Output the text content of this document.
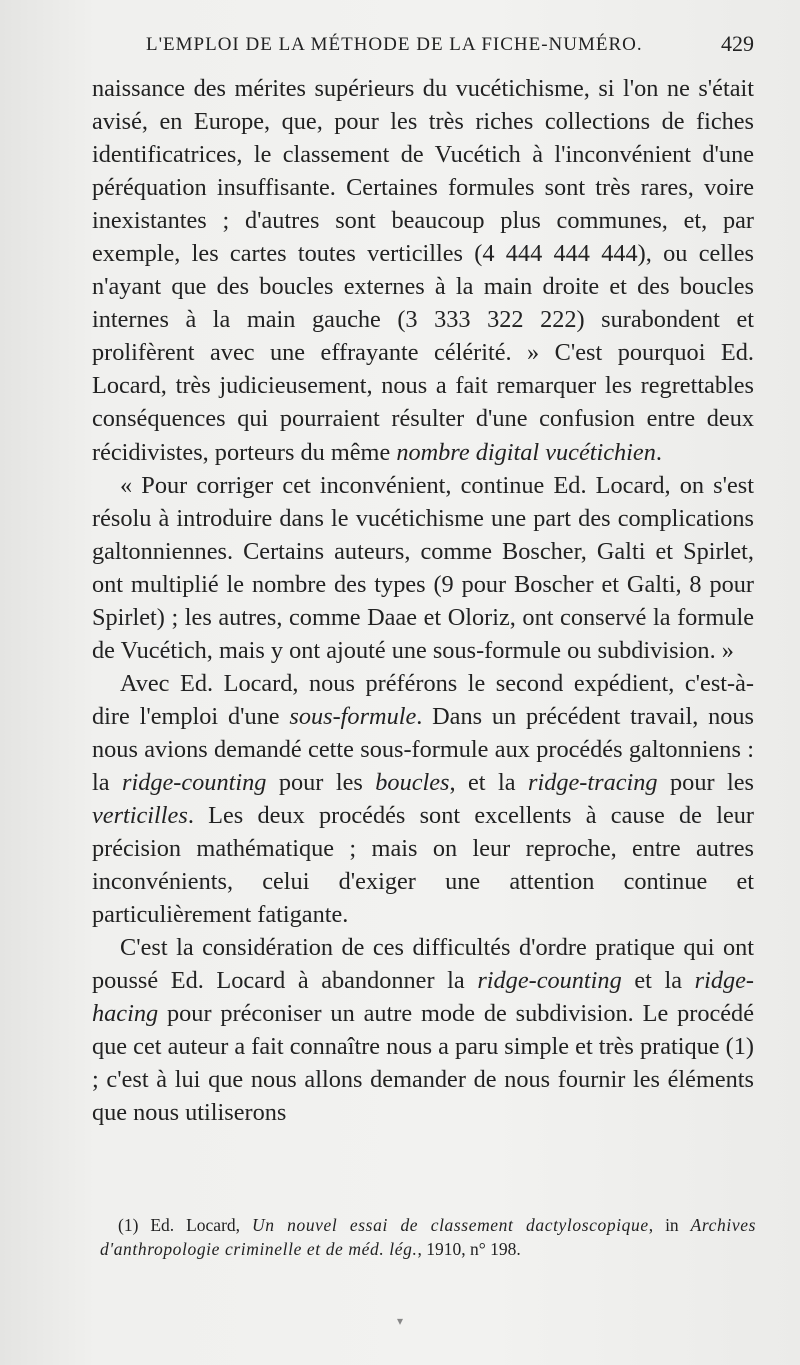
L'EMPLOI DE LA MÉTHODE DE LA FICHE-NUMÉRO.	429

naissance des mérites supérieurs du vucétichisme, si l'on ne s'était avisé, en Europe, que, pour les très riches collections de fiches identificatrices, le classement de Vucétich à l'inconvénient d'une péréquation insuffisante. Certaines formules sont très rares, voire inexistantes ; d'autres sont beaucoup plus communes, et, par exemple, les cartes toutes verticilles (4 444 444 444), ou celles n'ayant que des boucles externes à la main droite et des boucles internes à la main gauche (3 333 322 222) surabondent et prolifèrent avec une effrayante célérité. » C'est pourquoi Ed. Locard, très judicieusement, nous a fait remarquer les regrettables conséquences qui pourraient résulter d'une confusion entre deux récidivistes, porteurs du même nombre digital vucétichien.

« Pour corriger cet inconvénient, continue Ed. Locard, on s'est résolu à introduire dans le vucétichisme une part des complications galtonniennes. Certains auteurs, comme Boscher, Galti et Spirlet, ont multiplié le nombre des types (9 pour Boscher et Galti, 8 pour Spirlet) ; les autres, comme Daae et Oloriz, ont conservé la formule de Vucétich, mais y ont ajouté une sous-formule ou subdivision. »

Avec Ed. Locard, nous préférons le second expédient, c'est-à-dire l'emploi d'une sous-formule. Dans un précédent travail, nous nous avions demandé cette sous-formule aux procédés galtonniens : la ridge-counting pour les boucles, et la ridge-tracing pour les verticilles. Les deux procédés sont excellents à cause de leur précision mathématique ; mais on leur reproche, entre autres inconvénients, celui d'exiger une attention continue et particulièrement fatigante.

C'est la considération de ces difficultés d'ordre pratique qui ont poussé Ed. Locard à abandonner la ridge-counting et la ridge-hacing pour préconiser un autre mode de subdivision. Le procédé que cet auteur a fait connaître nous a paru simple et très pratique (1) ; c'est à lui que nous allons demander de nous fournir les éléments que nous utiliserons

(1) Ed. Locard, Un nouvel essai de classement dactyloscopique, in Archives d'anthropologie criminelle et de méd. lég., 1910, n° 198.
▾
